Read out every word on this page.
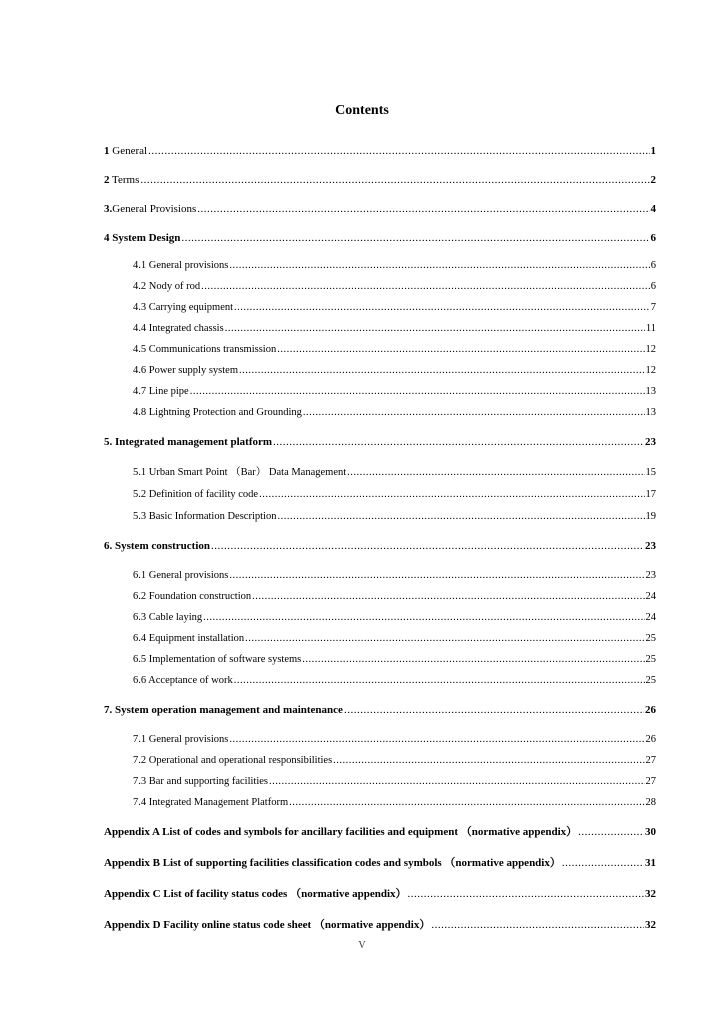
Contents
1 General .....	1
2 Terms .....	2
3.General Provisions .....	4
4 System Design .....	6
4.1 General provisions .....	6
4.2 Nody of rod .....	6
4.3 Carrying equipment .....	7
4.4 Integrated chassis .....	11
4.5 Communications transmission .....	12
4.6 Power supply system .....	12
4.7 Line pipe .....	13
4.8 Lightning Protection and Grounding .....	13
5. Integrated management platform .....	23
5.1 Urban Smart Point （Bar） Data Management .....	15
5.2 Definition of facility code .....	17
5.3 Basic Information Description .....	19
6. System construction .....	23
6.1 General provisions .....	23
6.2 Foundation construction .....	24
6.3 Cable laying .....	24
6.4 Equipment installation .....	25
6.5 Implementation of software systems .....	25
6.6 Acceptance of work .....	25
7. System operation management and maintenance .....	26
7.1 General provisions .....	26
7.2 Operational and operational responsibilities .....	27
7.3 Bar and supporting facilities .....	27
7.4 Integrated Management Platform .....	28
Appendix A List of codes and symbols for ancillary facilities and equipment （normative appendix） .....	30
Appendix B List of supporting facilities classification codes and symbols （normative appendix） .....	31
Appendix C List of facility status codes （normative appendix） .....	32
Appendix D Facility online status code sheet （normative appendix） .....	32
V
